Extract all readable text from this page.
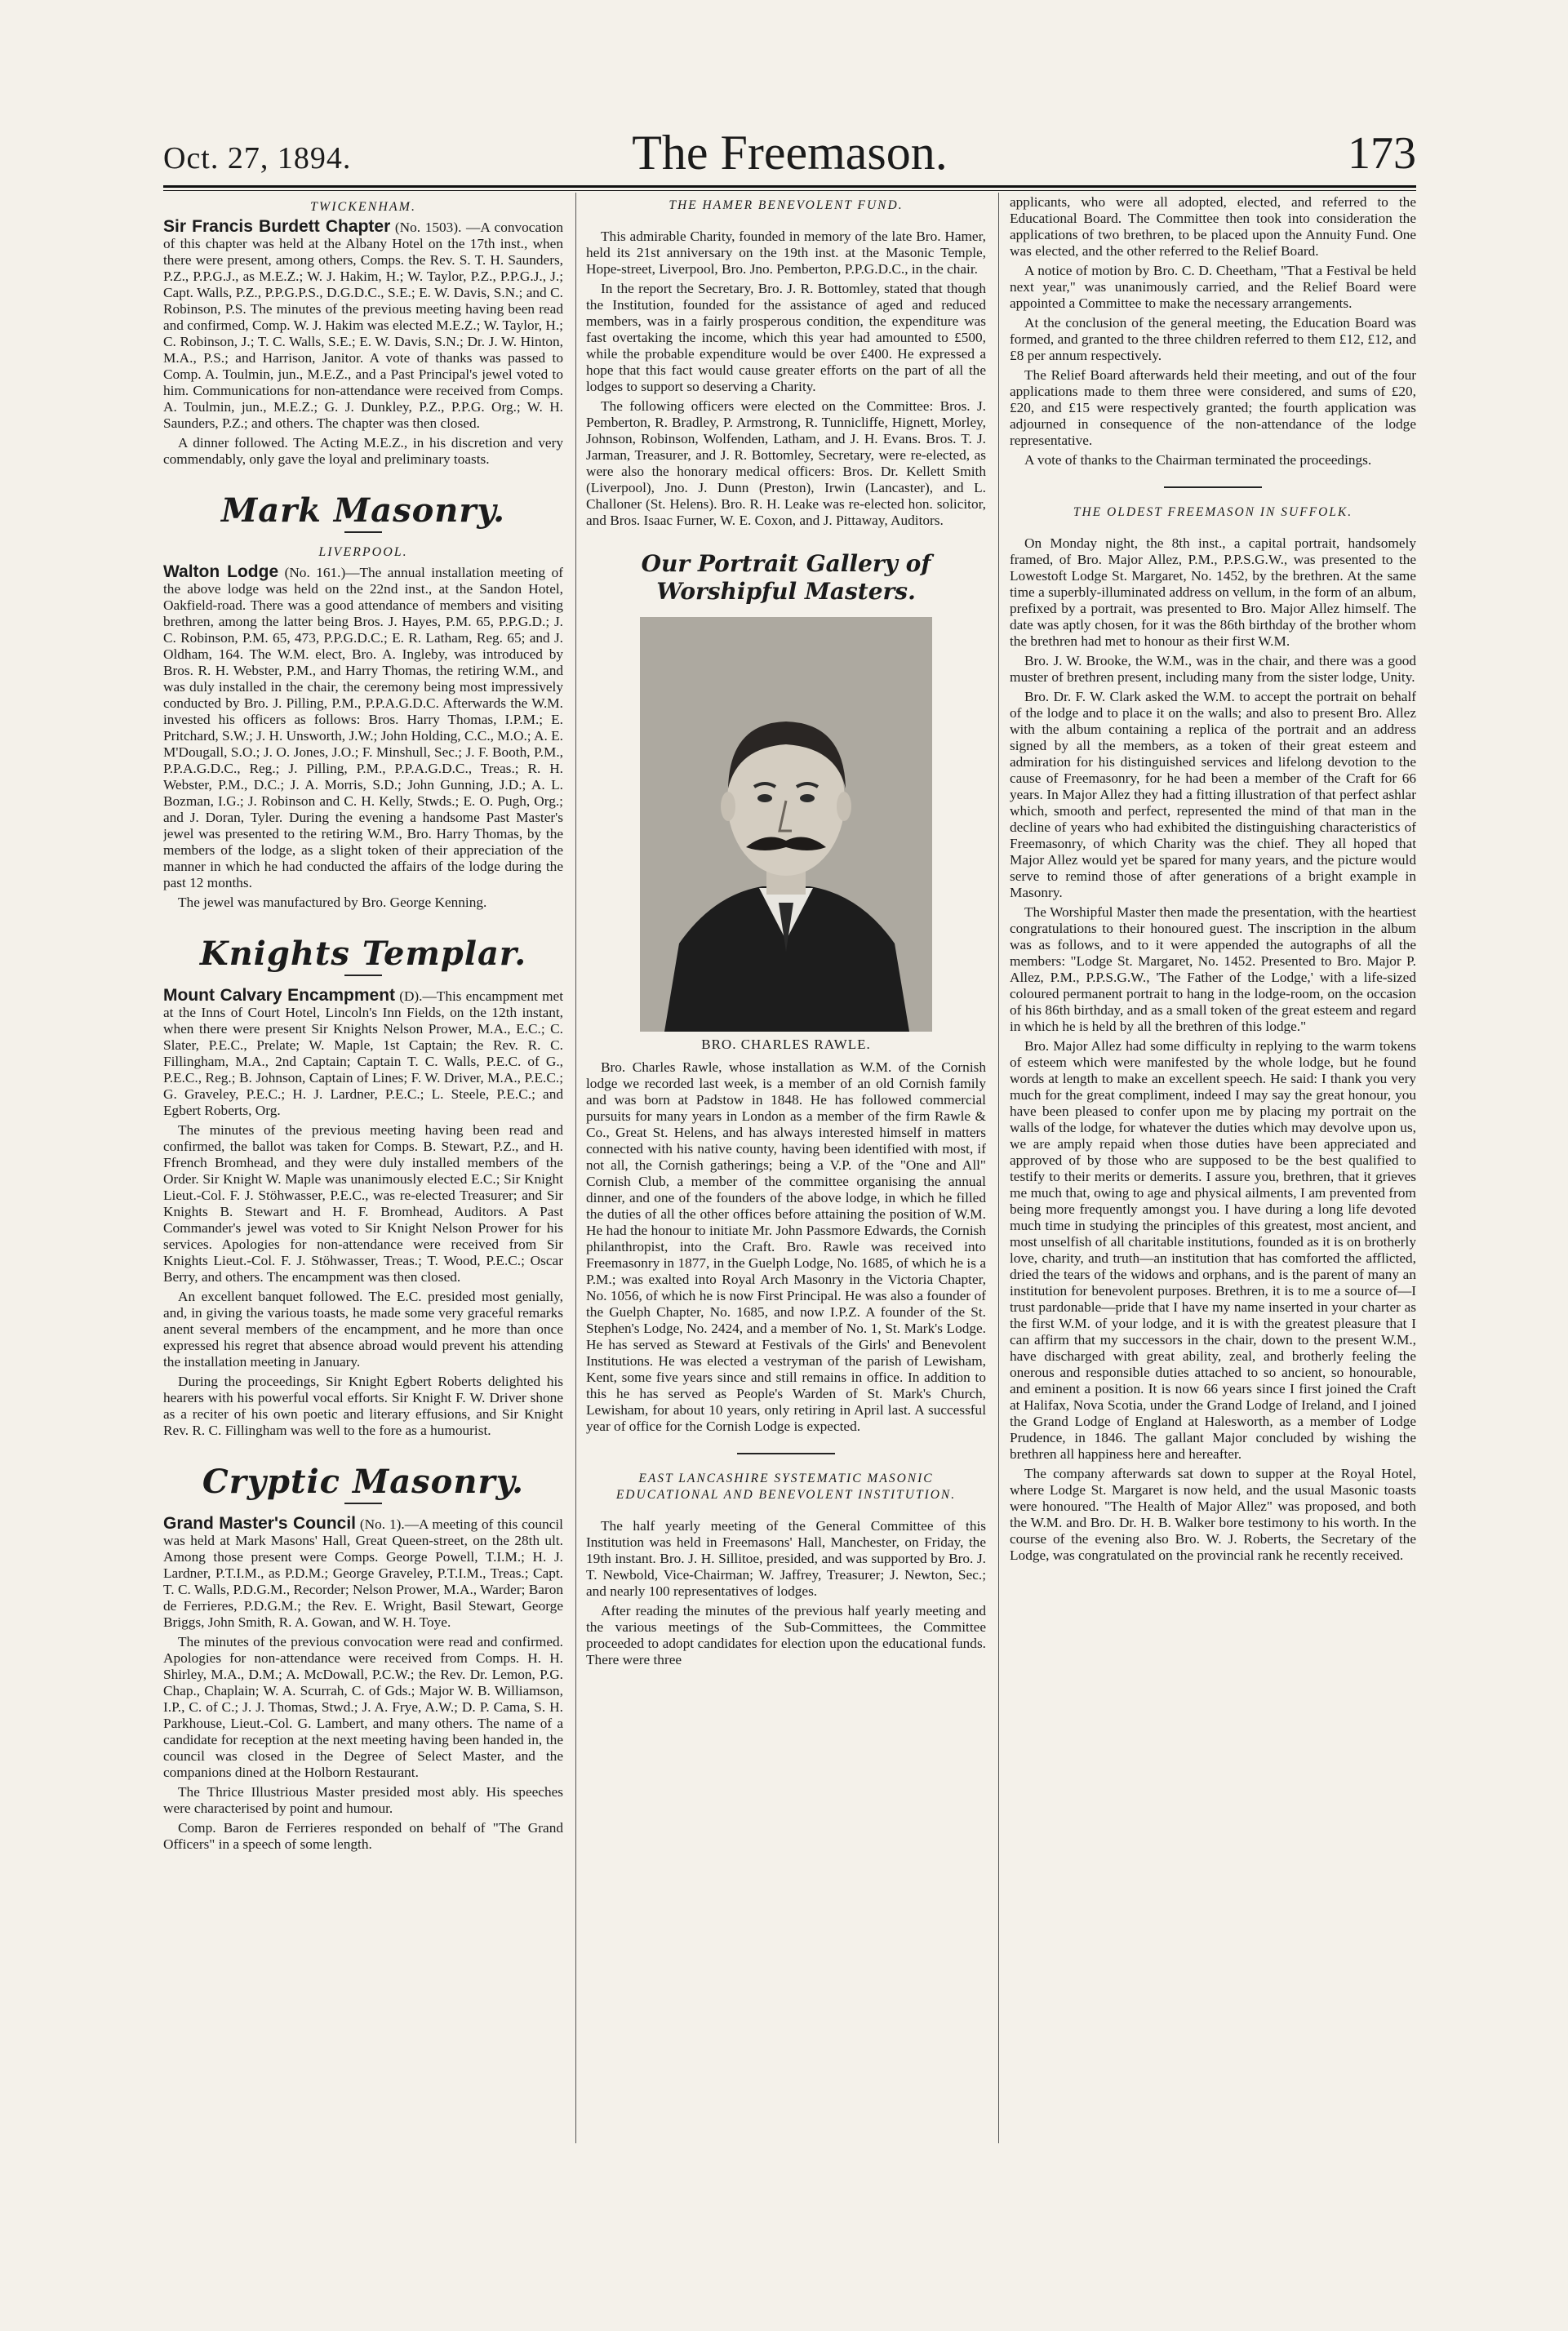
Oct. 27, 1894.	The Freemason.	173
TWICKENHAM.

Sir Francis Burdett Chapter (No. 1503). —A convocation of this chapter was held at the Albany Hotel on the 17th inst., when there were present, among others, Comps. the Rev. S. T. H. Saunders, P.Z., P.P.G.J., as M.E.Z.; W. J. Hakim, H.; W. Taylor, P.Z., P.P.G.J., J.; Capt. Walls, P.Z., P.P.G.P.S., D.G.D.C., S.E.; E. W. Davis, S.N.; and C. Robinson, P.S. The minutes of the previous meeting having been read and confirmed, Comp. W. J. Hakim was elected M.E.Z.; W. Taylor, H.; C. Robinson, J.; T. C. Walls, S.E.; E. W. Davis, S.N.; Dr. J. W. Hinton, M.A., P.S.; and Harrison, Janitor. A vote of thanks was passed to Comp. A. Toulmin, jun., M.E.Z., and a Past Principal's jewel voted to him. Communications for non-attendance were received from Comps. A. Toulmin, jun., M.E.Z.; G. J. Dunkley, P.Z., P.P.G. Org.; W. H. Saunders, P.Z.; and others. The chapter was then closed.

A dinner followed. The Acting M.E.Z., in his discretion and very commendably, only gave the loyal and preliminary toasts.

Mark Masonry.
LIVERPOOL.

Walton Lodge (No. 161.)—The annual installation meeting of the above lodge was held on the 22nd inst., at the Sandon Hotel, Oakfield-road. There was a good attendance of members and visiting brethren, among the latter being Bros. J. Hayes, P.M. 65, P.P.G.D.; J. C. Robinson, P.M. 65, 473, P.P.G.D.C.; E. R. Latham, Reg. 65; and J. Oldham, 164. The W.M. elect, Bro. A. Ingleby, was introduced by Bros. R. H. Webster, P.M., and Harry Thomas, the retiring W.M., and was duly installed in the chair, the ceremony being most impressively conducted by Bro. J. Pilling, P.M., P.P.A.G.D.C. Afterwards the W.M. invested his officers as follows: Bros. Harry Thomas, I.P.M.; E. Pritchard, S.W.; J. H. Unsworth, J.W.; John Holding, C.C., M.O.; A. E. M'Dougall, S.O.; J. O. Jones, J.O.; F. Minshull, Sec.; J. F. Booth, P.M., P.P.A.G.D.C., Reg.; J. Pilling, P.M., P.P.A.G.D.C., Treas.; R. H. Webster, P.M., D.C.; J. A. Morris, S.D.; John Gunning, J.D.; A. L. Bozman, I.G.; J. Robinson and C. H. Kelly, Stwds.; E. O. Pugh, Org.; and J. Doran, Tyler. During the evening a handsome Past Master's jewel was presented to the retiring W.M., Bro. Harry Thomas, by the members of the lodge, as a slight token of their appreciation of the manner in which he had conducted the affairs of the lodge during the past 12 months.

The jewel was manufactured by Bro. George Kenning.

Knights Templar.

Mount Calvary Encampment (D).—This encampment met at the Inns of Court Hotel, Lincoln's Inn Fields, on the 12th instant, when there were present Sir Knights Nelson Prower, M.A., E.C.; C. Slater, P.E.C., Prelate; W. Maple, 1st Captain; the Rev. R. C. Fillingham, M.A., 2nd Captain; Captain T. C. Walls, P.E.C. of G., P.E.C., Reg.; B. Johnson, Captain of Lines; F. W. Driver, M.A., P.E.C.; G. Graveley, P.E.C.; H. J. Lardner, P.E.C.; L. Steele, P.E.C.; and Egbert Roberts, Org.

The minutes of the previous meeting having been read and confirmed, the ballot was taken for Comps. B. Stewart, P.Z., and H. Ffrench Bromhead, and they were duly installed members of the Order. Sir Knight W. Maple was unanimously elected E.C.; Sir Knight Lieut.-Col. F. J. Stöhwasser, P.E.C., was re-elected Treasurer; and Sir Knights B. Stewart and H. F. Bromhead, Auditors. A Past Commander's jewel was voted to Sir Knight Nelson Prower for his services. Apologies for non-attendance were received from Sir Knights Lieut.-Col. F. J. Stöhwasser, Treas.; T. Wood, P.E.C.; Oscar Berry, and others. The encampment was then closed.

An excellent banquet followed. The E.C. presided most genially, and, in giving the various toasts, he made some very graceful remarks anent several members of the encampment, and he more than once expressed his regret that absence abroad would prevent his attending the installation meeting in January.

During the proceedings, Sir Knight Egbert Roberts delighted his hearers with his powerful vocal efforts. Sir Knight F. W. Driver shone as a reciter of his own poetic and literary effusions, and Sir Knight Rev. R. C. Fillingham was well to the fore as a humourist.

Cryptic Masonry.

Grand Master's Council (No. 1).—A meeting of this council was held at Mark Masons' Hall, Great Queen-street, on the 28th ult. Among those present were Comps. George Powell, T.I.M.; H. J. Lardner, P.T.I.M., as P.D.M.; George Graveley, P.T.I.M., Treas.; Capt. T. C. Walls, P.D.G.M., Recorder; Nelson Prower, M.A., Warder; Baron de Ferrieres, P.D.G.M.; the Rev. E. Wright, Basil Stewart, George Briggs, John Smith, R. A. Gowan, and W. H. Toye.

The minutes of the previous convocation were read and confirmed. Apologies for non-attendance were received from Comps. H. H. Shirley, M.A., D.M.; A. McDowall, P.C.W.; the Rev. Dr. Lemon, P.G. Chap., Chaplain; W. A. Scurrah, C. of Gds.; Major W. B. Williamson, I.P., C. of C.; J. J. Thomas, Stwd.; J. A. Frye, A.W.; D. P. Cama, S. H. Parkhouse, Lieut.-Col. G. Lambert, and many others. The name of a candidate for reception at the next meeting having been handed in, the council was closed in the Degree of Select Master, and the companions dined at the Holborn Restaurant.

The Thrice Illustrious Master presided most ably. His speeches were characterised by point and humour.

Comp. Baron de Ferrieres responded on behalf of "The Grand Officers" in a speech of some length.

THE HAMER BENEVOLENT FUND.

This admirable Charity, founded in memory of the late Bro. Hamer, held its 21st anniversary on the 19th inst. at the Masonic Temple, Hope-street, Liverpool, Bro. Jno. Pemberton, P.P.G.D.C., in the chair.

In the report the Secretary, Bro. J. R. Bottomley, stated that though the Institution, founded for the assistance of aged and reduced members, was in a fairly prosperous condition, the expenditure was fast overtaking the income, which this year had amounted to £500, while the probable expenditure would be over £400. He expressed a hope that this fact would cause greater efforts on the part of all the lodges to support so deserving a Charity.

The following officers were elected on the Committee: Bros. J. Pemberton, R. Bradley, P. Armstrong, R. Tunnicliffe, Hignett, Morley, Johnson, Robinson, Wolfenden, Latham, and J. H. Evans. Bros. T. J. Jarman, Treasurer, and J. R. Bottomley, Secretary, were re-elected, as were also the honorary medical officers: Bros. Dr. Kellett Smith (Liverpool), Jno. J. Dunn (Preston), Irwin (Lancaster), and L. Challoner (St. Helens). Bro. R. H. Leake was re-elected hon. solicitor, and Bros. Isaac Furner, W. E. Coxon, and J. Pittaway, Auditors.

Our Portrait Gallery of Worshipful Masters.
BRO. CHARLES RAWLE.

Bro. Charles Rawle, whose installation as W.M. of the Cornish lodge we recorded last week, is a member of an old Cornish family and was born at Padstow in 1848. He has followed commercial pursuits for many years in London as a member of the firm Rawle & Co., Great St. Helens, and has always interested himself in matters connected with his native county, having been identified with most, if not all, the Cornish gatherings; being a V.P. of the "One and All" Cornish Club, a member of the committee organising the annual dinner, and one of the founders of the above lodge, in which he filled the duties of all the other offices before attaining the position of W.M. He had the honour to initiate Mr. John Passmore Edwards, the Cornish philanthropist, into the Craft. Bro. Rawle was received into Freemasonry in 1877, in the Guelph Lodge, No. 1685, of which he is a P.M.; was exalted into Royal Arch Masonry in the Victoria Chapter, No. 1056, of which he is now First Principal. He was also a founder of the Guelph Chapter, No. 1685, and now I.P.Z. A founder of the St. Stephen's Lodge, No. 2424, and a member of No. 1, St. Mark's Lodge. He has served as Steward at Festivals of the Girls' and Benevolent Institutions. He was elected a vestryman of the parish of Lewisham, Kent, some five years since and still remains in office. In addition to this he has served as People's Warden of St. Mark's Church, Lewisham, for about 10 years, only retiring in April last. A successful year of office for the Cornish Lodge is expected.

EAST LANCASHIRE SYSTEMATIC MASONIC EDUCATIONAL AND BENEVOLENT INSTITUTION.

The half yearly meeting of the General Committee of this Institution was held in Freemasons' Hall, Manchester, on Friday, the 19th instant. Bro. J. H. Sillitoe, presided, and was supported by Bro. J. T. Newbold, Vice-Chairman; W. Jaffrey, Treasurer; J. Newton, Sec.; and nearly 100 representatives of lodges.

After reading the minutes of the previous half yearly meeting and the various meetings of the Sub-Committees, the Committee proceeded to adopt candidates for election upon the educational funds. There were three

applicants, who were all adopted, elected, and referred to the Educational Board. The Committee then took into consideration the applications of two brethren, to be placed upon the Annuity Fund. One was elected, and the other referred to the Relief Board.

A notice of motion by Bro. C. D. Cheetham, "That a Festival be held next year," was unanimously carried, and the Relief Board were appointed a Committee to make the necessary arrangements.

At the conclusion of the general meeting, the Education Board was formed, and granted to the three children referred to them £12, £12, and £8 per annum respectively.

The Relief Board afterwards held their meeting, and out of the four applications made to them three were considered, and sums of £20, £20, and £15 were respectively granted; the fourth application was adjourned in consequence of the non-attendance of the lodge representative.

A vote of thanks to the Chairman terminated the proceedings.

THE OLDEST FREEMASON IN SUFFOLK.

On Monday night, the 8th inst., a capital portrait, handsomely framed, of Bro. Major Allez, P.M., P.P.S.G.W., was presented to the Lowestoft Lodge St. Margaret, No. 1452, by the brethren. At the same time a superbly-illuminated address on vellum, in the form of an album, prefixed by a portrait, was presented to Bro. Major Allez himself. The date was aptly chosen, for it was the 86th birthday of the brother whom the brethren had met to honour as their first W.M.

Bro. J. W. Brooke, the W.M., was in the chair, and there was a good muster of brethren present, including many from the sister lodge, Unity.

Bro. Dr. F. W. Clark asked the W.M. to accept the portrait on behalf of the lodge and to place it on the walls; and also to present Bro. Allez with the album containing a replica of the portrait and an address signed by all the members, as a token of their great esteem and admiration for his distinguished services and lifelong devotion to the cause of Freemasonry, for he had been a member of the Craft for 66 years. In Major Allez they had a fitting illustration of that perfect ashlar which, smooth and perfect, represented the mind of that man in the decline of years who had exhibited the distinguishing characteristics of Freemasonry, of which Charity was the chief. They all hoped that Major Allez would yet be spared for many years, and the picture would serve to remind those of after generations of a bright example in Masonry.

The Worshipful Master then made the presentation, with the heartiest congratulations to their honoured guest. The inscription in the album was as follows, and to it were appended the autographs of all the members: "Lodge St. Margaret, No. 1452. Presented to Bro. Major P. Allez, P.M., P.P.S.G.W., 'The Father of the Lodge,' with a life-sized coloured permanent portrait to hang in the lodge-room, on the occasion of his 86th birthday, and as a small token of the great esteem and regard in which he is held by all the brethren of this lodge."

Bro. Major Allez had some difficulty in replying to the warm tokens of esteem which were manifested by the whole lodge, but he found words at length to make an excellent speech. He said: I thank you very much for the great compliment, indeed I may say the great honour, you have been pleased to confer upon me by placing my portrait on the walls of the lodge, for whatever the duties which may devolve upon us, we are amply repaid when those duties have been appreciated and approved of by those who are supposed to be the best qualified to testify to their merits or demerits. I assure you, brethren, that it grieves me much that, owing to age and physical ailments, I am prevented from being more frequently amongst you. I have during a long life devoted much time in studying the principles of this greatest, most ancient, and most unselfish of all charitable institutions, founded as it is on brotherly love, charity, and truth—an institution that has comforted the afflicted, dried the tears of the widows and orphans, and is the parent of many an institution for benevolent purposes. Brethren, it is to me a source of—I trust pardonable—pride that I have my name inserted in your charter as the first W.M. of your lodge, and it is with the greatest pleasure that I can affirm that my successors in the chair, down to the present W.M., have discharged with great ability, zeal, and brotherly feeling the onerous and responsible duties attached to so ancient, so honourable, and eminent a position. It is now 66 years since I first joined the Craft at Halifax, Nova Scotia, under the Grand Lodge of Ireland, and I joined the Grand Lodge of England at Halesworth, as a member of Lodge Prudence, in 1846. The gallant Major concluded by wishing the brethren all happiness here and hereafter.

The company afterwards sat down to supper at the Royal Hotel, where Lodge St. Margaret is now held, and the usual Masonic toasts were honoured. "The Health of Major Allez" was proposed, and both the W.M. and Bro. Dr. H. B. Walker bore testimony to his worth. In the course of the evening also Bro. W. J. Roberts, the Secretary of the Lodge, was congratulated on the provincial rank he recently received.
